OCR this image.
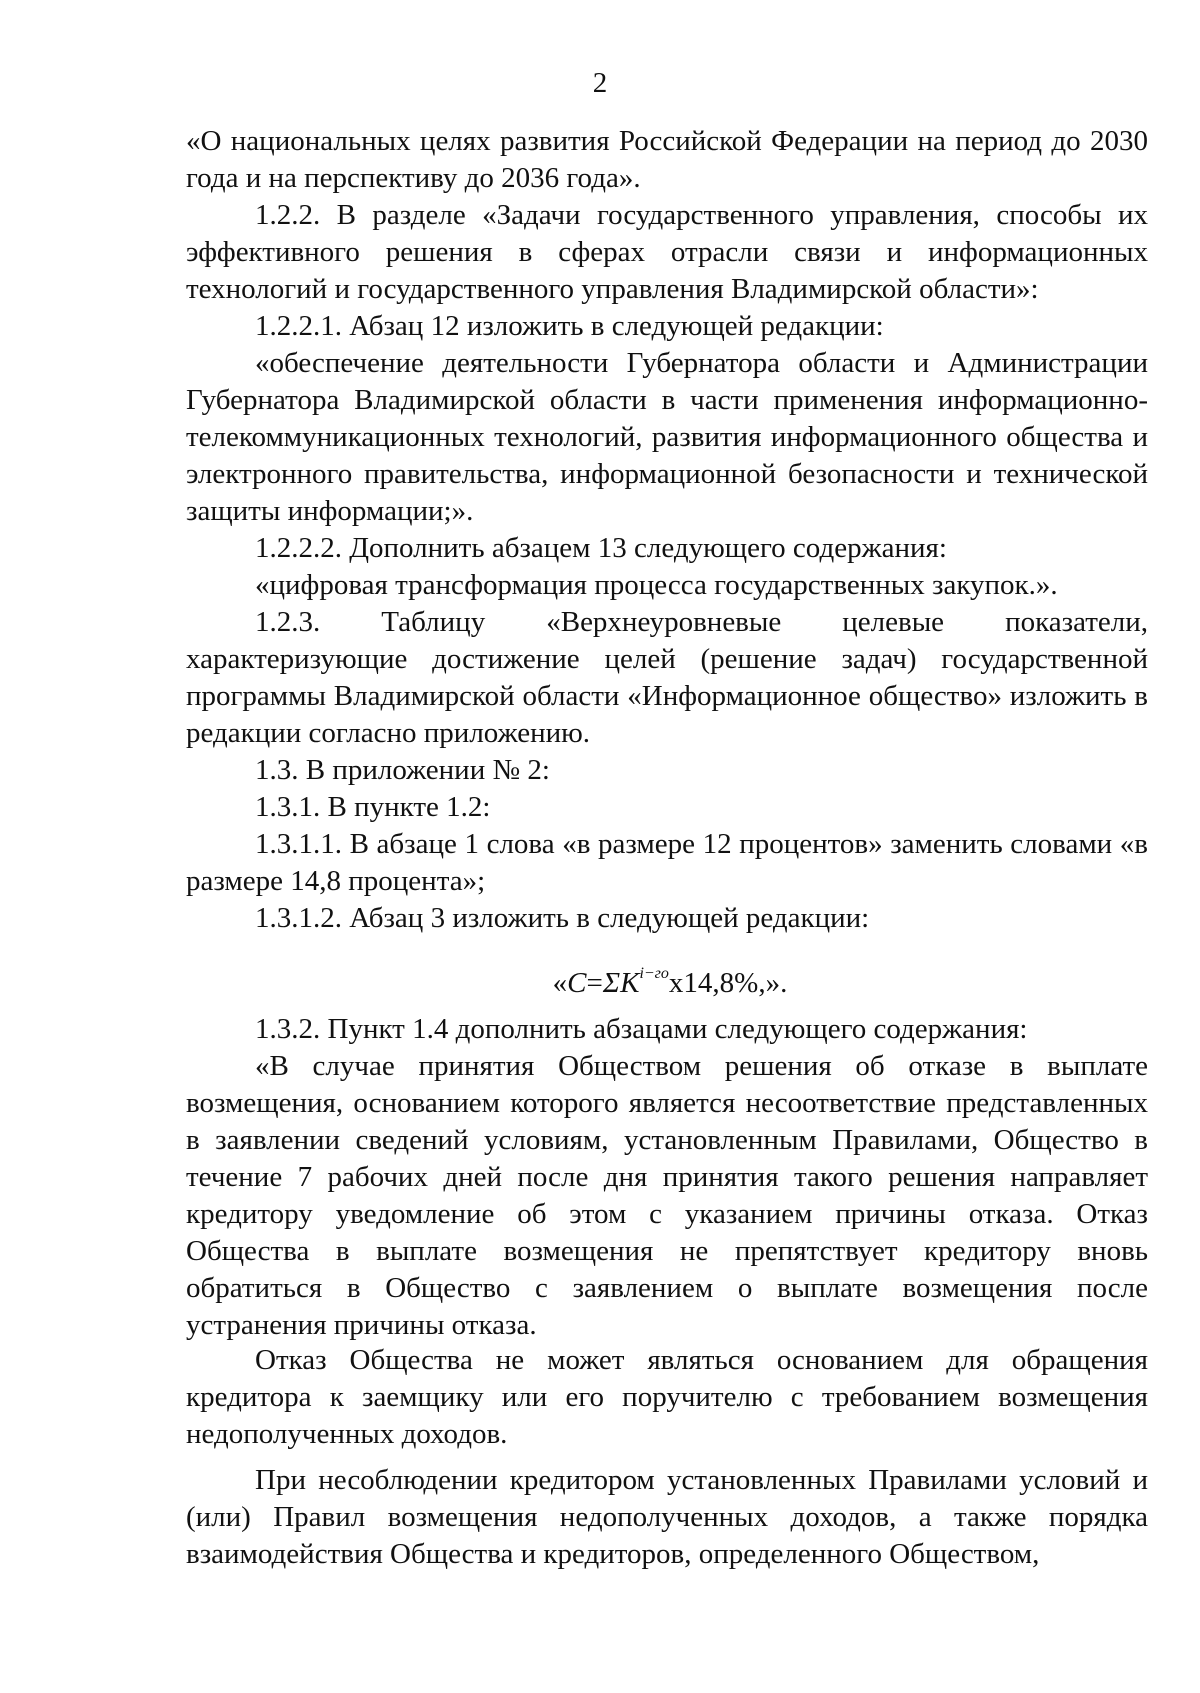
2

«О национальных целях развития Российской Федерации на период до 2030 года и на перспективу до 2036 года».

1.2.2. В разделе «Задачи государственного управления, способы их эффективного решения в сферах отрасли связи и информационных технологий и государственного управления Владимирской области»:

1.2.2.1. Абзац 12 изложить в следующей редакции:

«обеспечение деятельности Губернатора области и Администрации Губернатора Владимирской области в части применения информационно-телекоммуникационных технологий, развития информационного общества и электронного правительства, информационной безопасности и технической защиты информации;».

1.2.2.2. Дополнить абзацем 13 следующего содержания:

«цифровая трансформация процесса государственных закупок.».

1.2.3. Таблицу «Верхнеуровневые целевые показатели, характеризующие достижение целей (решение задач) государственной программы Владимирской области «Информационное общество» изложить в редакции согласно приложению.

1.3. В приложении № 2:

1.3.1. В пункте 1.2:

1.3.1.1. В абзаце 1 слова «в размере 12 процентов» заменить словами «в размере 14,8 процента»;

1.3.1.2. Абзац 3 изложить в следующей редакции:

«$C=\Sigma K^{i-го}x14,8\%$,».

1.3.2. Пункт 1.4 дополнить абзацами следующего содержания:

«В случае принятия Обществом решения об отказе в выплате возмещения, основанием которого является несоответствие представленных в заявлении сведений условиям, установленным Правилами, Общество в течение 7 рабочих дней после дня принятия такого решения направляет кредитору уведомление об этом с указанием причины отказа. Отказ Общества в выплате возмещения не препятствует кредитору вновь обратиться в Общество с заявлением о выплате возмещения после устранения причины отказа.

Отказ Общества не может являться основанием для обращения кредитора к заемщику или его поручителю с требованием возмещения недополученных доходов.

При несоблюдении кредитором установленных Правилами условий и (или) Правил возмещения недополученных доходов, а также порядка взаимодействия Общества и кредиторов, определенного Обществом,
